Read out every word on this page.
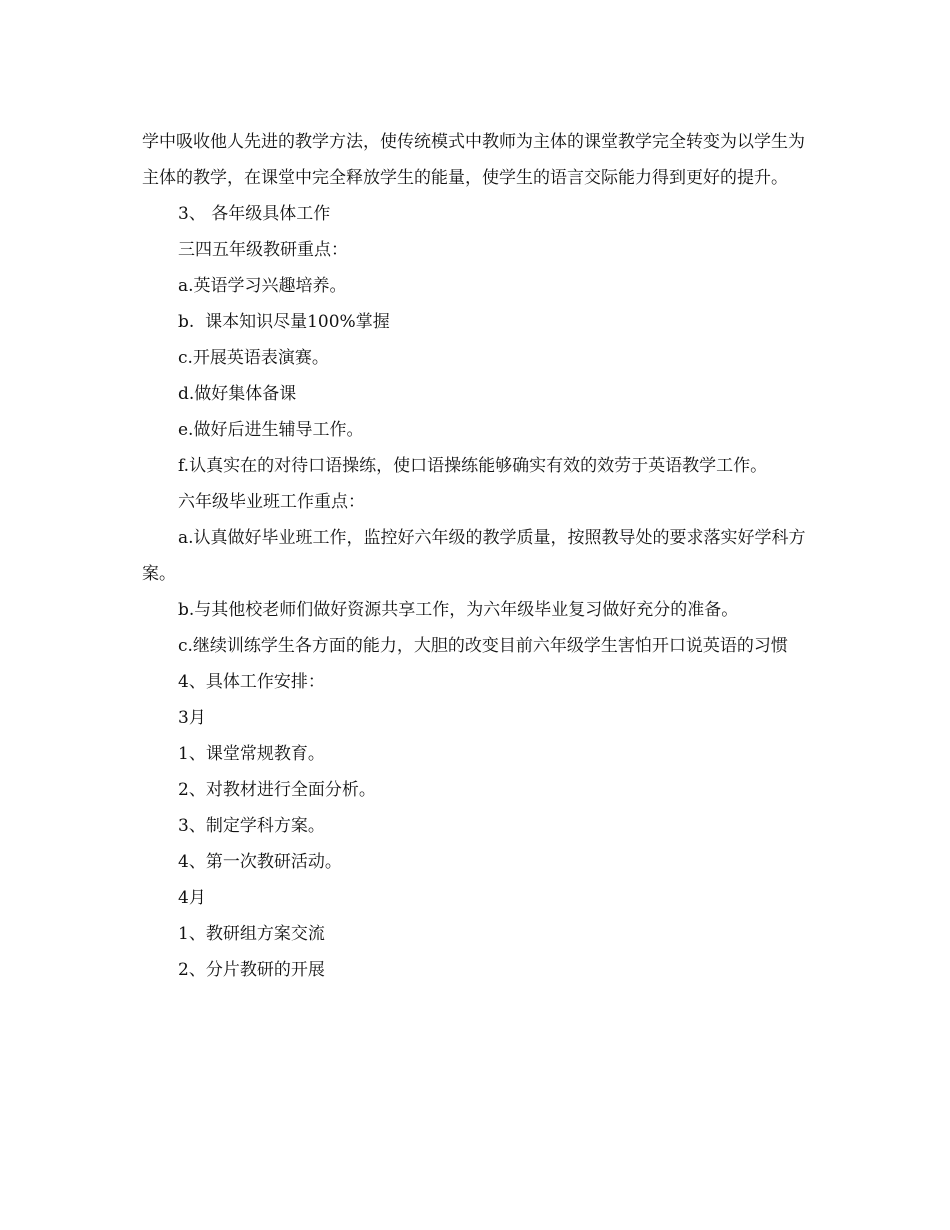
学中吸收他人先进的教学方法，使传统模式中教师为主体的课堂教学完全转变为以学生为主体的教学，在课堂中完全释放学生的能量，使学生的语言交际能力得到更好的提升。

3、 各年级具体工作

三四五年级教研重点：

a.英语学习兴趣培养。

b.  课本知识尽量100%掌握

c.开展英语表演赛。

d.做好集体备课

e.做好后进生辅导工作。

f.认真实在的对待口语操练，使口语操练能够确实有效的效劳于英语教学工作。

六年级毕业班工作重点：

a.认真做好毕业班工作，监控好六年级的教学质量，按照教导处的要求落实好学科方案。

b.与其他校老师们做好资源共享工作，为六年级毕业复习做好充分的准备。

c.继续训练学生各方面的能力，大胆的改变目前六年级学生害怕开口说英语的习惯

4、具体工作安排：

3月

1、课堂常规教育。

2、对教材进行全面分析。

3、制定学科方案。

4、第一次教研活动。

4月

1、教研组方案交流

2、分片教研的开展
